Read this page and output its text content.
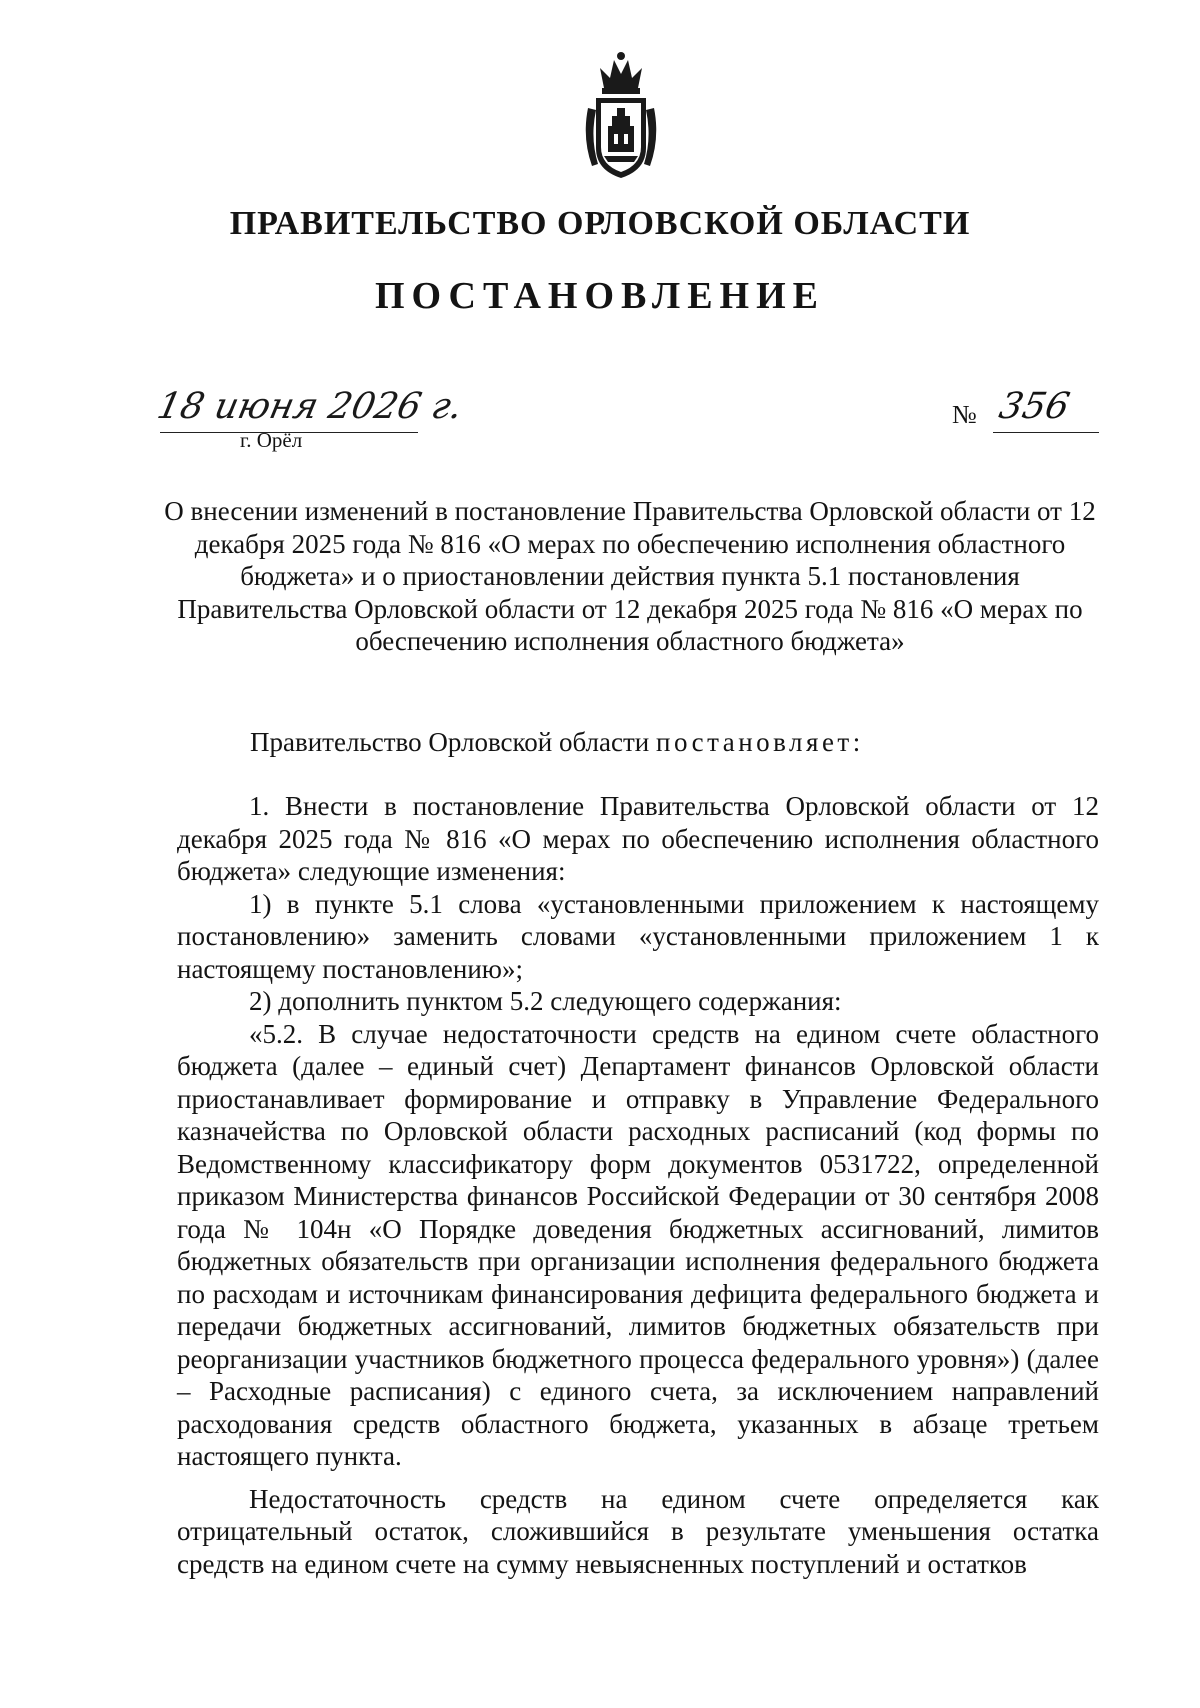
ПРАВИТЕЛЬСТВО ОРЛОВСКОЙ ОБЛАСТИ
ПОСТАНОВЛЕНИЕ
18 июня 2026 г.
г. Орёл
№ 356
О внесении изменений в постановление Правительства Орловской области от 12 декабря 2025 года № 816 «О мерах по обеспечению исполнения областного бюджета» и о приостановлении действия пункта 5.1 постановления Правительства Орловской области от 12 декабря 2025 года № 816 «О мерах по обеспечению исполнения областного бюджета»
Правительство Орловской области постановляет:

1. Внести в постановление Правительства Орловской области от 12 декабря 2025 года № 816 «О мерах по обеспечению исполнения областного бюджета» следующие изменения:

1) в пункте 5.1 слова «установленными приложением к настоящему постановлению» заменить словами «установленными приложением 1 к настоящему постановлению»;

2) дополнить пунктом 5.2 следующего содержания:

«5.2. В случае недостаточности средств на едином счете областного бюджета (далее – единый счет) Департамент финансов Орловской области приостанавливает формирование и отправку в Управление Федерального казначейства по Орловской области расходных расписаний (код формы по Ведомственному классификатору форм документов 0531722, определенной приказом Министерства финансов Российской Федерации от 30 сентября 2008 года № 104н «О Порядке доведения бюджетных ассигнований, лимитов бюджетных обязательств при организации исполнения федерального бюджета по расходам и источникам финансирования дефицита федерального бюджета и передачи бюджетных ассигнований, лимитов бюджетных обязательств при реорганизации участников бюджетного процесса федерального уровня») (далее – Расходные расписания) с единого счета, за исключением направлений расходования средств областного бюджета, указанных в абзаце третьем настоящего пункта.

Недостаточность средств на едином счете определяется как отрицательный остаток, сложившийся в результате уменьшения остатка средств на едином счете на сумму невыясненных поступлений и остатков
